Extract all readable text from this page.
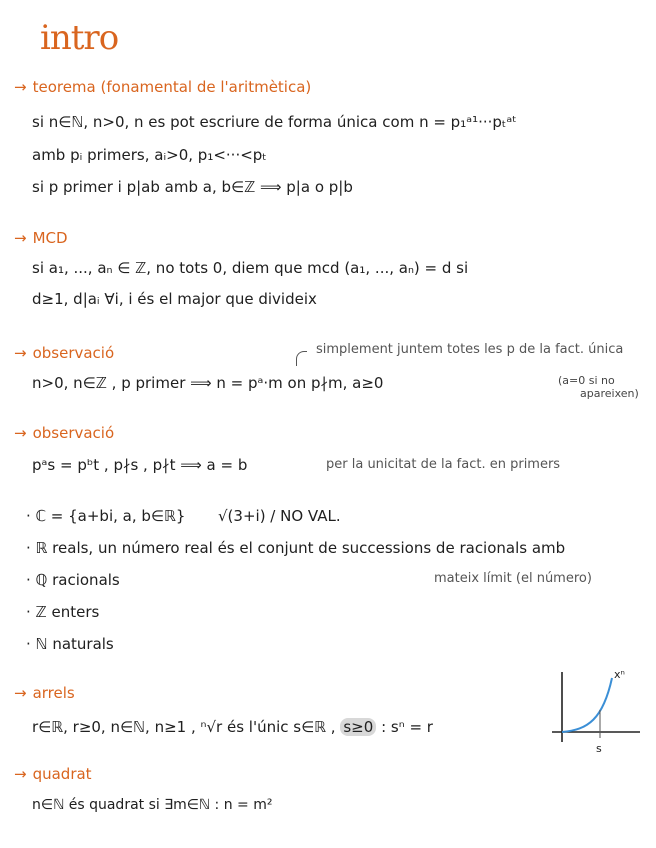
intro
→ teorema (fonamental de l'aritmètica)
si n∈ℕ, n>0, n es pot escriure de forma única com n = p₁ᵃ¹···pₜᵃᵗ
amb pᵢ primers, aᵢ>0, p₁<···<pₜ
si p primer i p|ab amb a, b∈ℤ ⟹ p|a o p|b
→ MCD
si a₁, ..., aₙ ∈ ℤ, no tots 0, diem que mcd (a₁, ..., aₙ) = d si
d≥1, d|aᵢ ∀i, i és el major que divideix
simplement juntem totes les p de la fact. única
→ observació
n>0, n∈ℤ , p primer ⟹ n = pᵃ·m on p∤m, a≥0	(a=0 si no
apareixen)
→ observació
pᵃs = pᵇt , p∤s , p∤t ⟹ a = b	per la unicitat de la fact. en primers
· ℂ = {a+bi, a, b∈ℝ} √(3+i) / NO VAL.
· ℝ reals, un número real és el conjunt de successions de racionals amb
mateix límit (el número)
· ℚ racionals
· ℤ enters
· ℕ naturals
→ arrels
r∈ℝ, r≥0, n∈ℕ, n≥1 , ⁿ√r és l'únic s∈ℝ , s≥0 : sⁿ = r
xⁿ
s
→ quadrat
n∈ℕ és quadrat si ∃m∈ℕ : n = m²
